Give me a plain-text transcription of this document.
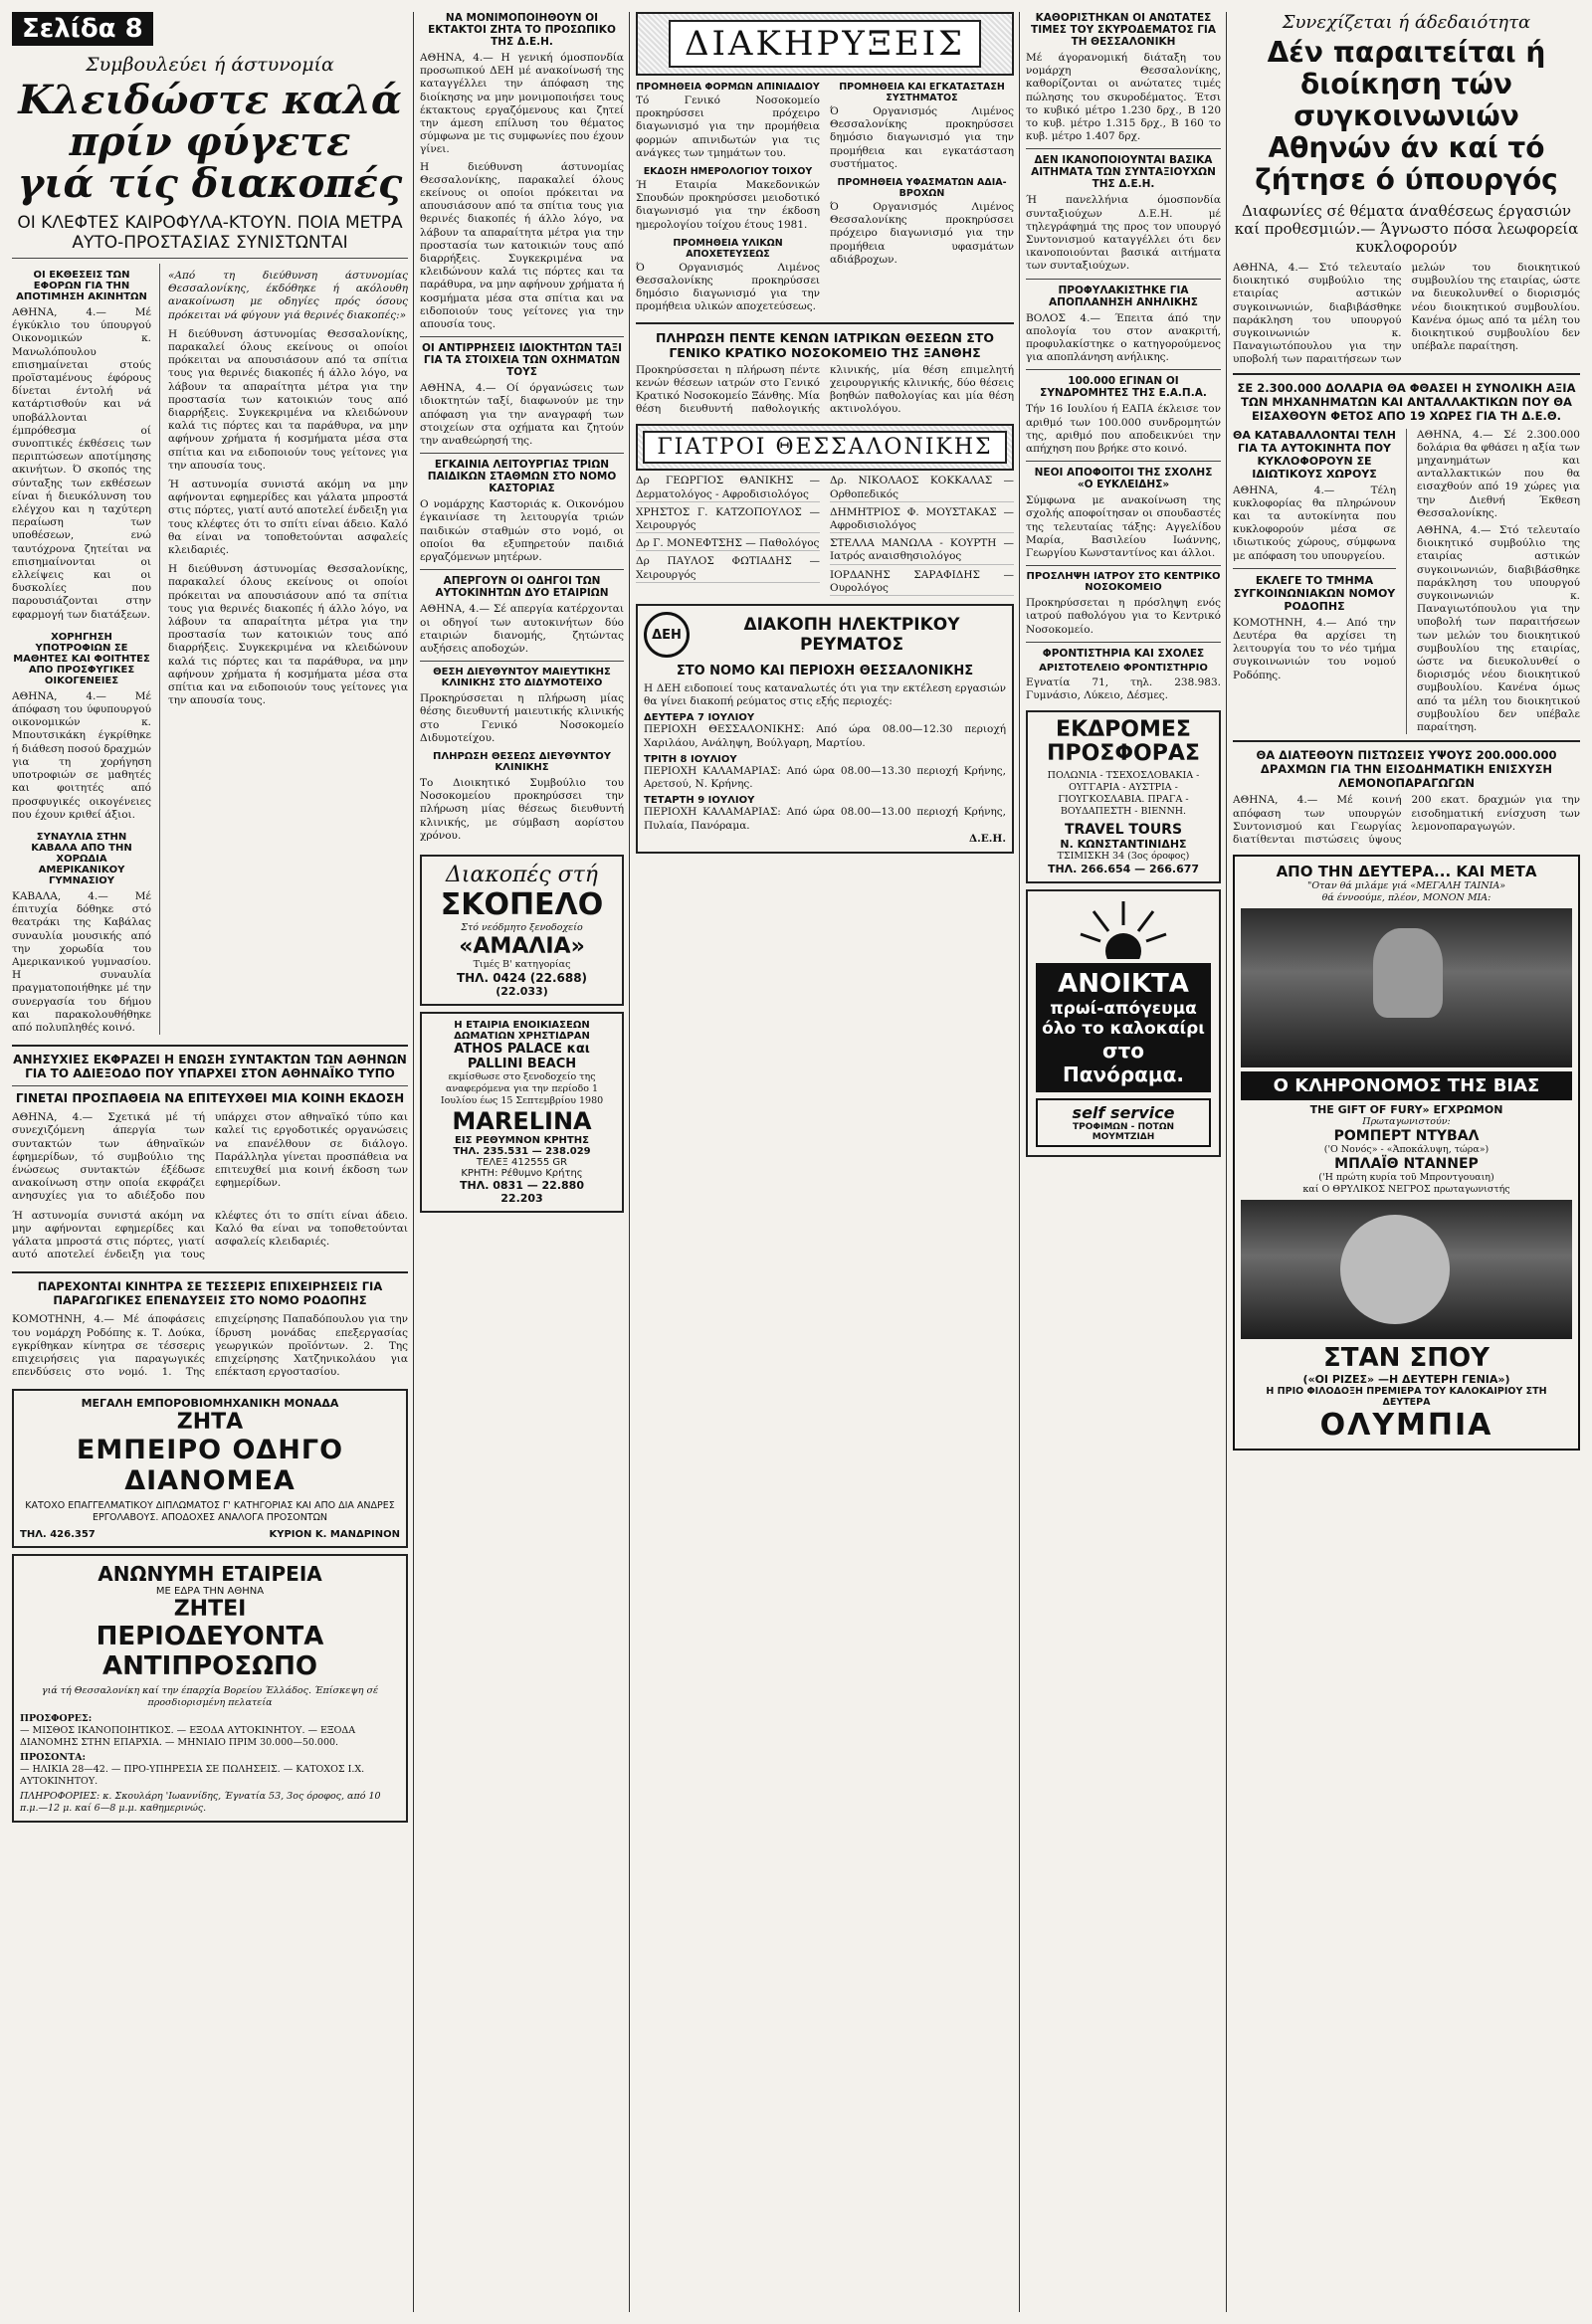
Σελίδα 8
Συμβουλεύει ή άστυνομία
Κλειδώστε καλά
πρίν φύγετε
γιά τίς διακοπές
ΟΙ ΚΛΕΦΤΕΣ ΚΑΙΡΟΦΥΛΑ-ΚΤΟΥΝ. ΠΟΙΑ ΜΕΤΡΑ ΑΥΤΟ-ΠΡΟΣΤΑΣΙΑΣ ΣΥΝΙΣΤΩΝΤΑΙ
ΟΙ ΕΚΘΕΣΕΙΣ ΤΩΝ ΕΦΟΡΩΝ ΓΙΑ ΤΗΝ ΑΠΟΤΙΜΗΣΗ ΑΚΙΝΗΤΩΝ
ΑΘΗΝΑ, 4.— Μέ έγκύκλιο του ύπουργού Οικονομικών κ. Μανωλόπουλου επισημαίνεται στούς προϊσταμένους έφόρους δίνεται έντολή νά κατάρτισθούν και νά υποβάλλονται έμπρόθεσμα οί συνοπτικές έκθέσεις των περιπτώσεων αποτίμησης ακινήτων. Ό σκοπός της σύνταξης των εκθέσεων είναι ή διευκόλυνση του ελέγχου και η ταχύτερη περαίωση των υποθέσεων, ενώ ταυτόχρονα ζητείται να επισημαίνονται οι ελλείψεις και οι δυσκολίες που παρουσιάζονται στην εφαρμογή των διατάξεων.
ΧΟΡΗΓΗΣΗ ΥΠΟΤΡΟΦΙΩΝ ΣΕ ΜΑΘΗΤΕΣ ΚΑΙ ΦΟΙΤΗΤΕΣ ΑΠΟ ΠΡΟΣΦΥΓΙΚΕΣ ΟΙΚΟΓΕΝΕΙΕΣ
ΑΘΗΝΑ, 4.— Μέ άπόφαση του ύφυπουργού οικονομικών κ. Μπουτσικάκη έγκρίθηκε ή διάθεση ποσού δραχμών για τη χορήγηση υποτροφιών σε μαθητές και φοιτητές από προσφυγικές οικογένειες που έχουν κριθεί άξιοι.
ΣΥΝΑΥΛΙΑ ΣΤΗΝ ΚΑΒΑΛΑ ΑΠΟ ΤΗΝ ΧΟΡΩΔΙΑ ΑΜΕΡΙΚΑΝΙΚΟΥ ΓΥΜΝΑΣΙΟΥ
ΚΑΒΑΛΑ, 4.— Μέ έπιτυχία δόθηκε στό θεατράκι της Καβάλας συναυλία μουσικής από την χορωδία του Αμερικανικού γυμνασίου. Η συναυλία πραγματοποιήθηκε μέ την συνεργασία του δήμου και παρακολουθήθηκε από πολυπληθές κοινό.
«Από τη διεύθυνση άστυνομίας Θεσσαλονίκης, έκδόθηκε ή ακόλουθη ανακοίνωση με οδηγίες πρός όσους πρόκειται νά φύγουν γιά θερινές διακοπές:»
Η διεύθυνση άστυνομίας Θεσσαλονίκης, παρακαλεί όλους εκείνους οι οποίοι πρόκειται να απουσιάσουν από τα σπίτια τους για θερινές διακοπές ή άλλο λόγο, να λάβουν τα απαραίτητα μέτρα για την προστασία των κατοικιών τους από διαρρήξεις. Συγκεκριμένα να κλειδώνουν καλά τις πόρτες και τα παράθυρα, να μην αφήνουν χρήματα ή κοσμήματα μέσα στα σπίτια και να ειδοποιούν τους γείτονες για την απουσία τους.
Ή αστυνομία συνιστά ακόμη να μην αφήνονται εφημερίδες και γάλατα μπροστά στις πόρτες, γιατί αυτό αποτελεί ένδειξη για τους κλέφτες ότι το σπίτι είναι άδειο. Καλό θα είναι να τοποθετούνται ασφαλείς κλειδαριές.
Η διεύθυνση άστυνομίας Θεσσαλονίκης, παρακαλεί όλους εκείνους οι οποίοι πρόκειται να απουσιάσουν από τα σπίτια τους για θερινές διακοπές ή άλλο λόγο, να λάβουν τα απαραίτητα μέτρα για την προστασία των κατοικιών τους από διαρρήξεις. Συγκεκριμένα να κλειδώνουν καλά τις πόρτες και τα παράθυρα, να μην αφήνουν χρήματα ή κοσμήματα μέσα στα σπίτια και να ειδοποιούν τους γείτονες για την απουσία τους.
ΑΝΗΣΥΧΙΕΣ ΕΚΦΡΑΖΕΙ Η ΕΝΩΣΗ ΣΥΝΤΑΚΤΩΝ ΤΩΝ ΑΘΗΝΩΝ ΓΙΑ ΤΟ ΑΔΙΕΞΟΔΟ ΠΟΥ ΥΠΑΡΧΕΙ ΣΤΟΝ ΑΘΗΝΑΪΚΟ ΤΥΠΟ
ΓΙΝΕΤΑΙ ΠΡΟΣΠΑΘΕΙΑ ΝΑ ΕΠΙΤΕΥΧΘΕΙ ΜΙΑ ΚΟΙΝΗ ΕΚΔΟΣΗ
ΑΘΗΝΑ, 4.— Σχετικά μέ τή συνεχιζόμενη άπεργία των συντακτών των άθηναϊκών έφημερίδων, τό συμβούλιο της ένώσεως συντακτών έξέδωσε ανακοίνωση στην οποία εκφράζει ανησυχίες για το αδιέξοδο που υπάρχει στον αθηναϊκό τύπο και καλεί τις εργοδοτικές οργανώσεις να επανέλθουν σε διάλογο. Παράλληλα γίνεται προσπάθεια να επιτευχθεί μια κοινή έκδοση των εφημερίδων.
Ή αστυνομία συνιστά ακόμη να μην αφήνονται εφημερίδες και γάλατα μπροστά στις πόρτες, γιατί αυτό αποτελεί ένδειξη για τους κλέφτες ότι το σπίτι είναι άδειο. Καλό θα είναι να τοποθετούνται ασφαλείς κλειδαριές.
ΠΑΡΕΧΟΝΤΑΙ ΚΙΝΗΤΡΑ ΣΕ ΤΕΣΣΕΡΙΣ ΕΠΙΧΕΙΡΗΣΕΙΣ ΓΙΑ ΠΑΡΑΓΩΓΙΚΕΣ ΕΠΕΝΔΥΣΕΙΣ ΣΤΟ ΝΟΜΟ ΡΟΔΟΠΗΣ
ΚΟΜΟΤΗΝΗ, 4.— Μέ άποφάσεις του νομάρχη Ροδόπης κ. Τ. Δούκα, εγκρίθηκαν κίνητρα σε τέσσερις επιχειρήσεις για παραγωγικές επενδύσεις στο νομό. 1. Της επιχείρησης Παπαδόπουλου για την ίδρυση μονάδας επεξεργασίας γεωργικών προϊόντων. 2. Της επιχείρησης Χατζηνικολάου για επέκταση εργοστασίου.
ΜΕΓΑΛΗ ΕΜΠΟΡΟΒΙΟΜΗΧΑΝΙΚΗ ΜΟΝΑΔΑ
ΖΗΤΑ
ΕΜΠΕΙΡΟ ΟΔΗΓΟ ΔΙΑΝΟΜΕΑ
ΚΑΤΟΧΟ ΕΠΑΓΓΕΛΜΑΤΙΚΟΥ ΔΙΠΛΩΜΑΤΟΣ Γ' ΚΑΤΗΓΟΡΙΑΣ ΚΑΙ ΑΠΟ ΔΙΑ ΑΝΔΡΕΣ ΕΡΓΟΛΑΒΟΥΣ. ΑΠΟΔΟΧΕΣ ΑΝΑΛΟΓΑ ΠΡΟΣΟΝΤΩΝ
ΤΗΛ. 426.357	ΚΥΡΙΟΝ Κ. ΜΑΝΔΡΙΝΟΝ
ΑΝΩΝΥΜΗ ΕΤΑΙΡΕΙΑ
ΜΕ ΕΔΡΑ ΤΗΝ ΑΘΗΝΑ
ΖΗΤΕΙ
ΠΕΡΙΟΔΕΥΟΝΤΑ ΑΝΤΙΠΡΟΣΩΠΟ
γιά τή Θεσσαλονίκη καί την έπαρχία Βορείου Έλλάδος. Έπίσκεψη σέ προσδιορισμένη πελατεία
ΠΡΟΣΦΟΡΕΣ:
— ΜΙΣΘΟΣ ΙΚΑΝΟΠΟΙΗΤΙΚΟΣ. — ΕΞΟΔΑ ΑΥΤΟΚΙΝΗΤΟΥ. — ΕΞΟΔΑ ΔΙΑΝΟΜΗΣ ΣΤΗΝ ΕΠΑΡΧΙΑ. — ΜΗΝΙΑΙΟ ΠΡΙΜ 30.000—50.000.
ΠΡΟΣΟΝΤΑ:
— ΗΛΙΚΙΑ 28—42. — ΠΡΟ-ΥΠΗΡΕΣΙΑ ΣΕ ΠΩΛΗΣΕΙΣ. — ΚΑΤΟΧΟΣ Ι.Χ. ΑΥΤΟΚΙΝΗΤΟΥ.
ΠΛΗΡΟΦΟΡΙΕΣ: κ. Σκουλάρη 'Ιωαννίδης, Έγνατία 53, 3ος όροφος, από 10 π.μ.—12 μ. καί 6—8 μ.μ. καθημερινώς.
ΝΑ ΜΟΝΙΜΟΠΟΙΗΘΟΥΝ ΟΙ ΕΚΤΑΚΤΟΙ ΖΗΤΑ ΤΟ ΠΡΟΣΩΠΙΚΟ ΤΗΣ Δ.Ε.Η.
ΑΘΗΝΑ, 4.— Η γενική όμοσπονδία προσωπικού ΔΕΗ μέ ανακοίνωσή της καταγγέλλει την άπόφαση της διοίκησης να μην μονιμοποιήσει τους έκτακτους εργαζόμενους και ζητεί την άμεση επίλυση του θέματος σύμφωνα με τις συμφωνίες που έχουν γίνει.
Η διεύθυνση άστυνομίας Θεσσαλονίκης, παρακαλεί όλους εκείνους οι οποίοι πρόκειται να απουσιάσουν από τα σπίτια τους για θερινές διακοπές ή άλλο λόγο, να λάβουν τα απαραίτητα μέτρα για την προστασία των κατοικιών τους από διαρρήξεις. Συγκεκριμένα να κλειδώνουν καλά τις πόρτες και τα παράθυρα, να μην αφήνουν χρήματα ή κοσμήματα μέσα στα σπίτια και να ειδοποιούν τους γείτονες για την απουσία τους.
ΟΙ ΑΝΤΙΡΡΗΣΕΙΣ ΙΔΙΟΚΤΗΤΩΝ ΤΑΞΙ ΓΙΑ ΤΑ ΣΤΟΙΧΕΙΑ ΤΩΝ ΟΧΗΜΑΤΩΝ ΤΟΥΣ
ΑΘΗΝΑ, 4.— Οί όργανώσεις των ιδιοκτητών ταξί, διαφωνούν με την απόφαση για την αναγραφή των στοιχείων στα οχήματα και ζητούν την αναθεώρησή της.
ΕΓΚΑΙΝΙΑ ΛΕΙΤΟΥΡΓΙΑΣ ΤΡΙΩΝ ΠΑΙΔΙΚΩΝ ΣΤΑΘΜΩΝ ΣΤΟ ΝΟΜΟ ΚΑΣΤΟΡΙΑΣ
Ο νομάρχης Καστοριάς κ. Οικονόμου έγκαινίασε τη λειτουργία τριών παιδικών σταθμών στο νομό, οι οποίοι θα εξυπηρετούν παιδιά εργαζόμενων μητέρων.
ΑΠΕΡΓΟΥΝ ΟΙ ΟΔΗΓΟΙ ΤΩΝ ΑΥΤΟΚΙΝΗΤΩΝ ΔΥΟ ΕΤΑΙΡΙΩΝ
ΑΘΗΝΑ, 4.— Σέ απεργία κατέρχονται οι οδηγοί των αυτοκινήτων δύο εταιριών διανομής, ζητώντας αυξήσεις αποδοχών.
ΘΕΣΗ ΔΙΕΥΘΥΝΤΟΥ ΜΑΙΕΥΤΙΚΗΣ ΚΛΙΝΙΚΗΣ ΣΤΟ ΔΙΔΥΜΟΤΕΙΧΟ
Προκηρύσσεται η πλήρωση μίας θέσης διευθυντή μαιευτικής κλινικής στο Γενικό Νοσοκομείο Διδυμοτείχου.
ΠΛΗΡΩΣΗ ΘΕΣΕΩΣ ΔΙΕΥΘΥΝΤΟΥ ΚΛΙΝΙΚΗΣ
Το Διοικητικό Συμβούλιο του Νοσοκομείου προκηρύσσει την πλήρωση μίας θέσεως διευθυντή κλινικής, με σύμβαση αορίστου χρόνου.
Διακοπές στή
ΣΚΟΠΕΛΟ
Στό νεόδμητο ξενοδοχείο
«ΑΜΑΛΙΑ»
Τιμές Β' κατηγορίας
ΤΗΛ. 0424 (22.688)
(22.033)
Η ΕΤΑΙΡΙΑ ΕΝΟΙΚΙΑΣΕΩΝ ΔΩΜΑΤΙΩΝ ΧΡΗΣΤΙΔΡΑΝ
ATHOS PALACE και PALLINI BEACH
εκμίσθωσε στο ξενοδοχείο της αναφερόμενα για την περίοδο 1 Ιουλίου έως 15 Σεπτεμβρίου 1980
MARELINA
ΕΙΣ ΡΕΘΥΜΝΟΝ ΚΡΗΤΗΣ
ΤΗΛ. 235.531 — 238.029
ΤΕΛΕΞ 412555 GR
ΚΡΗΤΗ: Ρέθυμνο Κρήτης
ΤΗΛ. 0831 — 22.880
22.203
ΔΙΑΚΗΡΥΞΕΙΣ
ΠΡΟΜΗΘΕΙΑ ΦΟΡΜΩΝ ΑΠΙΝΙΑΔΙΟΥ
Τό Γενικό Νοσοκομείο προκηρύσσει πρόχειρο διαγωνισμό για την προμήθεια φορμών απινιδωτών για τις ανάγκες των τμημάτων του.
ΕΚΔΟΣΗ ΗΜΕΡΟΛΟΓΙΟΥ ΤΟΙΧΟΥ
Ή Εταιρία Μακεδονικών Σπουδών προκηρύσσει μειοδοτικό διαγωνισμό για την έκδοση ημερολογίου τοίχου έτους 1981.
ΠΡΟΜΗΘΕΙΑ ΥΛΙΚΩΝ ΑΠΟΧΕΤΕΥΣΕΩΣ
Ό Οργανισμός Λιμένος Θεσσαλονίκης προκηρύσσει δημόσιο διαγωνισμό για την προμήθεια υλικών αποχετεύσεως.
ΠΡΟΜΗΘΕΙΑ ΚΑΙ ΕΓΚΑΤΑΣΤΑΣΗ ΣΥΣΤΗΜΑΤΟΣ
Ό Οργανισμός Λιμένος Θεσσαλονίκης προκηρύσσει δημόσιο διαγωνισμό για την προμήθεια και εγκατάσταση συστήματος.
ΠΡΟΜΗΘΕΙΑ ΥΦΑΣΜΑΤΩΝ ΑΔΙΑ-ΒΡΟΧΩΝ
Ό Οργανισμός Λιμένος Θεσσαλονίκης προκηρύσσει πρόχειρο διαγωνισμό για την προμήθεια υφασμάτων αδιάβροχων.
ΠΛΗΡΩΣΗ ΠΕΝΤΕ ΚΕΝΩΝ ΙΑΤΡΙΚΩΝ ΘΕΣΕΩΝ ΣΤΟ ΓΕΝΙΚΟ ΚΡΑΤΙΚΟ ΝΟΣΟΚΟΜΕΙΟ ΤΗΣ ΞΑΝΘΗΣ
Προκηρύσσεται η πλήρωση πέντε κενών θέσεων ιατρών στο Γενικό Κρατικό Νοσοκομείο Ξάνθης. Μία θέση διευθυντή παθολογικής κλινικής, μία θέση επιμελητή χειρουργικής κλινικής, δύο θέσεις βοηθών παθολογίας και μία θέση ακτινολόγου.
ΓΙΑΤΡΟΙ ΘΕΣΣΑΛΟΝΙΚΗΣ
Δρ ΓΕΩΡΓΙΟΣ ΘΑΝΙΚΗΣ — Δερματολόγος - Αφροδισιολόγος
ΧΡΗΣΤΟΣ Γ. ΚΑΤΖΟΠΟΥΛΟΣ — Χειρουργός
Δρ Γ. ΜΟΝΕΦΤΣΗΣ — Παθολόγος
Δρ ΠΑΥΛΟΣ ΦΩΤΙΑΔΗΣ — Χειρουργός
Δρ. ΝΙΚΟΛΑΟΣ ΚΟΚΚΑΛΑΣ — Ορθοπεδικός
ΔΗΜΗΤΡΙΟΣ Φ. ΜΟΥΣΤΑΚΑΣ — Αφροδισιολόγος
ΣΤΕΛΛΑ ΜΑΝΩΛΑ - ΚΟΥΡΤΗ — Ιατρός αναισθησιολόγος
ΙΟΡΔΑΝΗΣ ΣΑΡΑΦΙΔΗΣ — Ουρολόγος
ΔΕΗ	ΔΙΑΚΟΠΗ ΗΛΕΚΤΡΙΚΟΥ ΡΕΥΜΑΤΟΣ
ΣΤΟ ΝΟΜΟ ΚΑΙ ΠΕΡΙΟΧΗ ΘΕΣΣΑΛΟΝΙΚΗΣ
Η ΔΕΗ ειδοποιεί τους καταναλωτές ότι για την εκτέλεση εργασιών θα γίνει διακοπή ρεύματος στις εξής περιοχές:
ΔΕΥΤΕΡΑ 7 ΙΟΥΛΙΟΥ
ΠΕΡΙΟΧΗ ΘΕΣΣΑΛΟΝΙΚΗΣ: Από ώρα 08.00—12.30 περιοχή Χαριλάου, Ανάληψη, Βούλγαρη, Μαρτίου.
ΤΡΙΤΗ 8 ΙΟΥΛΙΟΥ
ΠΕΡΙΟΧΗ ΚΑΛΑΜΑΡΙΑΣ: Από ώρα 08.00—13.30 περιοχή Κρήνης, Αρετσού, Ν. Κρήνης.
ΤΕΤΑΡΤΗ 9 ΙΟΥΛΙΟΥ
ΠΕΡΙΟΧΗ ΚΑΛΑΜΑΡΙΑΣ: Από ώρα 08.00—13.00 περιοχή Κρήνης, Πυλαία, Πανόραμα.
Δ.Ε.Η.
ΚΑΘΟΡΙΣΤΗΚΑΝ ΟΙ ΑΝΩΤΑΤΕΣ ΤΙΜΕΣ ΤΟΥ ΣΚΥΡΟΔΕΜΑΤΟΣ ΓΙΑ ΤΗ ΘΕΣΣΑΛΟΝΙΚΗ
Μέ άγορανομική διάταξη του νομάρχη Θεσσαλονίκης, καθορίζονται οι ανώτατες τιμές πώλησης του σκυροδέματος. Έτσι το κυβικό μέτρο 1.230 δρχ., Β 120 το κυβ. μέτρο 1.315 δρχ., Β 160 το κυβ. μέτρο 1.407 δρχ.
ΔΕΝ ΙΚΑΝΟΠΟΙΟΥΝΤΑΙ ΒΑΣΙΚΑ ΑΙΤΗΜΑΤΑ ΤΩΝ ΣΥΝΤΑΞΙΟΥΧΩΝ ΤΗΣ Δ.Ε.Η.
Ή πανελλήνια όμοσπονδία συνταξιούχων Δ.Ε.Η. μέ τηλεγράφημά της προς τον υπουργό Συντονισμού καταγγέλλει ότι δεν ικανοποιούνται βασικά αιτήματα των συνταξιούχων.
ΠΡΟΦΥΛΑΚΙΣΤΗΚΕ ΓΙΑ ΑΠΟΠΛΑΝΗΣΗ ΑΝΗΛΙΚΗΣ
ΒΟΛΟΣ 4.— Έπειτα άπό την απολογία του στον ανακριτή, προφυλακίστηκε ο κατηγορούμενος για αποπλάνηση ανήλικης.
100.000 ΕΓΙΝΑΝ ΟΙ ΣΥΝΔΡΟΜΗΤΕΣ ΤΗΣ Ε.Α.Π.Α.
Τήν 16 Ιουλίου ή ΕΑΠΑ έκλεισε τον αριθμό των 100.000 συνδρομητών της, αριθμό που αποδεικνύει την απήχηση που βρήκε στο κοινό.
ΝΕΟΙ ΑΠΟΦΟΙΤΟΙ ΤΗΣ ΣΧΟΛΗΣ «Ο ΕΥΚΛΕΙΔΗΣ»
Σύμφωνα με ανακοίνωση της σχολής αποφοίτησαν οι σπουδαστές της τελευταίας τάξης: Αγγελίδου Μαρία, Βασιλείου Ιωάννης, Γεωργίου Κωνσταντίνος και άλλοι.
ΠΡΟΣΛΗΨΗ ΙΑΤΡΟΥ ΣΤΟ ΚΕΝΤΡΙΚΟ ΝΟΣΟΚΟΜΕΙΟ
Προκηρύσσεται η πρόσληψη ενός ιατρού παθολόγου για το Κεντρικό Νοσοκομείο.
ΦΡΟΝΤΙΣΤΗΡΙΑ ΚΑΙ ΣΧΟΛΕΣ
ΑΡΙΣΤΟΤΕΛΕΙΟ ΦΡΟΝΤΙΣΤΗΡΙΟ
Εγνατία 71, τηλ. 238.983. Γυμνάσιο, Λύκειο, Δέσμες.
ΕΚΔΡΟΜΕΣ ΠΡΟΣΦΟΡΑΣ
ΠΟΛΩΝΙΑ - ΤΣΕΧΟΣΛΟΒΑΚΙΑ - ΟΥΓΓΑΡΙΑ - ΑΥΣΤΡΙΑ - ΓΙΟΥΓΚΟΣΛΑΒΙΑ. ΠΡΑΓΑ - ΒΟΥΔΑΠΕΣΤΗ - ΒΙΕΝΝΗ.
TRAVEL TOURS
Ν. ΚΩΝΣΤΑΝΤΙΝΙΔΗΣ
ΤΣΙΜΙΣΚΗ 34 (3ος όροφος)
ΤΗΛ. 266.654 — 266.677
ΑΝΟΙΚΤΑ
πρωί-απόγευμα
όλο το καλοκαίρι
στο Πανόραμα.
self service
ΤΡΟΦΙΜΩΝ - ΠΟΤΩΝ ΜΟΥΜΤΖΙΔΗ
Συνεχίζεται ή άδεδαιότητα
Δέν παραιτείται ή διοίκηση τών συγκοινωνιών Αθηνών άν καί τό ζήτησε ό ύπουργός
Διαφωνίες σέ θέματα άναθέσεως έργασιών καί προθεσμιών.— Άγνωστο πόσα λεωφορεία κυκλοφορούν
ΑΘΗΝΑ, 4.— Στό τελευταίο διοικητικό συμβούλιο της εταιρίας αστικών συγκοινωνιών, διαβιβάσθηκε παράκληση του υπουργού συγκοινωνιών κ. Παναγιωτόπουλου για την υποβολή των παραιτήσεων των μελών του διοικητικού συμβουλίου της εταιρίας, ώστε να διευκολυνθεί ο διορισμός νέου διοικητικού συμβουλίου. Κανένα όμως από τα μέλη του διοικητικού συμβουλίου δεν υπέβαλε παραίτηση.
ΣΕ 2.300.000 ΔΟΛΑΡΙΑ ΘΑ ΦΘΑΣΕΙ Η ΣΥΝΟΛΙΚΗ ΑΞΙΑ ΤΩΝ ΜΗΧΑΝΗΜΑΤΩΝ ΚΑΙ ΑΝΤΑΛΛΑΚΤΙΚΩΝ ΠΟΥ ΘΑ ΕΙΣΑΧΘΟΥΝ ΦΕΤΟΣ ΑΠΟ 19 ΧΩΡΕΣ ΓΙΑ ΤΗ Δ.Ε.Θ.
ΘΑ ΚΑΤΑΒΑΛΛΟΝΤΑΙ ΤΕΛΗ ΓΙΑ ΤΑ ΑΥΤΟΚΙΝΗΤΑ ΠΟΥ ΚΥΚΛΟΦΟΡΟΥΝ ΣΕ ΙΔΙΩΤΙΚΟΥΣ ΧΩΡΟΥΣ
ΑΘΗΝΑ, 4.— Τέλη κυκλοφορίας θα πληρώνουν και τα αυτοκίνητα που κυκλοφορούν μέσα σε ιδιωτικούς χώρους, σύμφωνα με απόφαση του υπουργείου.
ΕΚΛΕΓΕ ΤΟ ΤΜΗΜΑ ΣΥΓΚΟΙΝΩΝΙΑΚΩΝ ΝΟΜΟΥ ΡΟΔΟΠΗΣ
ΚΟΜΟΤΗΝΗ, 4.— Από την Δευτέρα θα αρχίσει τη λειτουργία του το νέο τμήμα συγκοινωνιών του νομού Ροδόπης.
ΑΘΗΝΑ, 4.— Σέ 2.300.000 δολάρια θα φθάσει η αξία των μηχανημάτων και ανταλλακτικών που θα εισαχθούν από 19 χώρες για την Διεθνή Έκθεση Θεσσαλονίκης.
ΑΘΗΝΑ, 4.— Στό τελευταίο διοικητικό συμβούλιο της εταιρίας αστικών συγκοινωνιών, διαβιβάσθηκε παράκληση του υπουργού συγκοινωνιών κ. Παναγιωτόπουλου για την υποβολή των παραιτήσεων των μελών του διοικητικού συμβουλίου της εταιρίας, ώστε να διευκολυνθεί ο διορισμός νέου διοικητικού συμβουλίου. Κανένα όμως από τα μέλη του διοικητικού συμβουλίου δεν υπέβαλε παραίτηση.
ΘΑ ΔΙΑΤΕΘΟΥΝ ΠΙΣΤΩΣΕΙΣ ΥΨΟΥΣ 200.000.000 ΔΡΑΧΜΩΝ ΓΙΑ ΤΗΝ ΕΙΣΟΔΗΜΑΤΙΚΗ ΕΝΙΣΧΥΣΗ ΛΕΜΟΝΟΠΑΡΑΓΩΓΩΝ
ΑΘΗΝΑ, 4.— Μέ κοινή απόφαση των υπουργών Συντονισμού και Γεωργίας διατίθενται πιστώσεις ύψους 200 εκατ. δραχμών για την εισοδηματική ενίσχυση των λεμονοπαραγωγών.
ΑΠΟ ΤΗΝ ΔΕΥΤΕΡΑ... ΚΑΙ ΜΕΤΑ
"Οταν θά μιλάμε γιά «ΜΕΓΑΛΗ ΤΑΙΝΙΑ»
θά έννοούμε, πλέον, ΜΟΝΟΝ ΜΙΑ:
Ο ΚΛΗΡΟΝΟΜΟΣ ΤΗΣ ΒΙΑΣ
THE GIFT OF FURY» ΕΓΧΡΩΜΟΝ
Πρωταγωνιστούν:
ΡΟΜΠΕΡΤ ΝΤΥΒΑΛ
('Ο Νονός» - «Άποκάλυψη, τώρα»)
ΜΠΛΑΪΘ ΝΤΑΝΝΕΡ
('Η πρώτη κυρία τοῦ Μπροντγουαιη)
καί Ο ΘΡΥΛΙΚΟΣ ΝΕΓΡΟΣ πρωταγωνιστής
ΣΤΑΝ ΣΠΟΥ
(«ΟΙ ΡΙΖΕΣ» —Η ΔΕΥΤΕΡΗ ΓΕΝΙΑ»)
Η ΠΡΙΟ ΦΙΛΟΔΟΞΗ ΠΡΕΜΙΕΡΑ ΤΟΥ ΚΑΛΟΚΑΙΡΙΟΥ ΣΤΗ ΔΕΥΤΕΡΑ
ΟΛΥΜΠΙΑ
